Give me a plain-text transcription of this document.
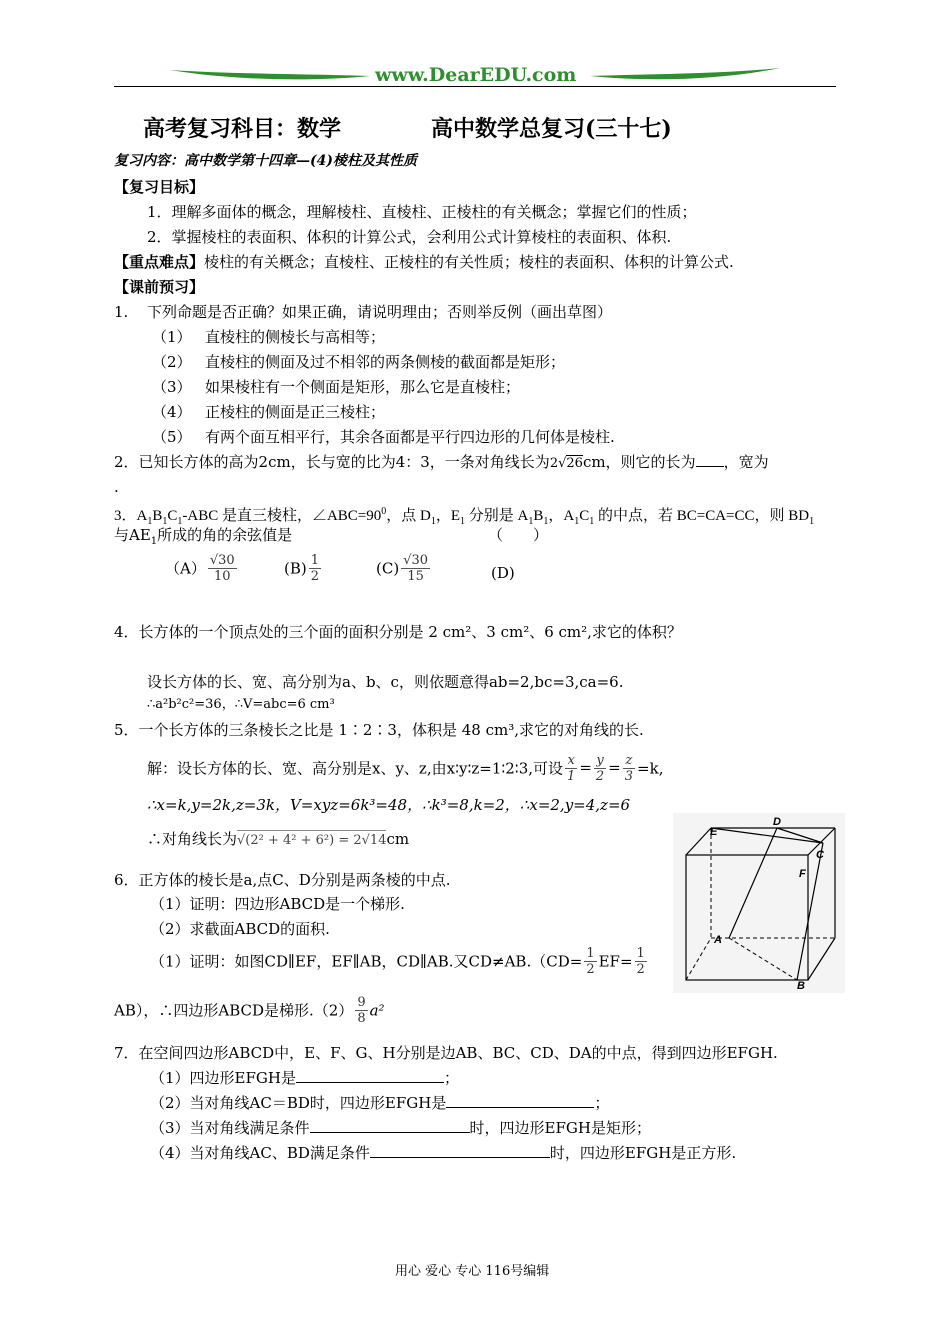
www.DearEDU.com
高考复习科目：数学	高中数学总复习(三十七)
复习内容：高中数学第十四章—(4)棱柱及其性质
【复习目标】
1．理解多面体的概念，理解棱柱、直棱柱、正棱柱的有关概念；掌握它们的性质；
2．掌握棱柱的表面积、体积的计算公式，会利用公式计算棱柱的表面积、体积.
【重点难点】棱柱的有关概念；直棱柱、正棱柱的有关性质；棱柱的表面积、体积的计算公式.
【课前预习】
1. 下列命题是否正确？如果正确，请说明理由；否则举反例（画出草图）
（1） 直棱柱的侧棱长与高相等；
（2） 直棱柱的侧面及过不相邻的两条侧棱的截面都是矩形；
（3） 如果棱柱有一个侧面是矩形，那么它是直棱柱；
（4） 正棱柱的侧面是正三棱柱；
（5） 有两个面互相平行，其余各面都是平行四边形的几何体是棱柱.
2．已知长方体的高为2cm，长与宽的比为4：3，一条对角线长为2√26cm，则它的长为 ，宽为
.
3．$A_1B_1C_1$-ABC 是直三棱柱，$\angle ABC=90^0$，点 $D_1$，$E_1$ 分别是 $A_1B_1$，$A_1C_1$ 的中点，若 BC=CA=CC，则 $BD_1$
与$AE_1$所成的角的余弦值是	（　　）
$(A) \frac{√30}{10}$	$(B) \frac{1}{2}$	$(C) \frac{√30}{15}$	(D)
4．长方体的一个顶点处的三个面的面积分别是 2 cm²、3 cm²、6 cm²,求它的体积？
设长方体的长、宽、高分别为a、b、c，则依题意得ab=2,bc=3,ca=6.
∴a²b²c²=36，∴V=abc=6 cm³
5．一个长方体的三条棱长之比是 1∶2∶3，体积是 48 cm³,求它的对角线的长.
解：设长方体的长、宽、高分别是x、y、z,由x∶y∶z=1∶2∶3,可设 $\frac{x}{1} = \frac{y}{2} = \frac{z}{3} =k$,
∴x=k,y=2k,z=3k，V=xyz=6k³=48，∴k³=8,k=2，∴x=2,y=4,z=6
∴对角线长为√(2² + 4² + 6²) = 2√14cm	E
D
C
F
A
B
6．正方体的棱长是a,点C、D分别是两条棱的中点.
（1）证明：四边形ABCD是一个梯形.
（2）求截面ABCD的面积.
（1）证明：如图CD∥EF，EF∥AB，CD∥AB.又$CD\ne AB.(CD= \frac{1}{2} EF= \frac{1}{2}$
AB），∴四边形ABCD是梯形$.(2) \frac{9}{8} a^2$
7．在空间四边形ABCD中，E、F、G、H分别是边AB、BC、CD、DA的中点，得到四边形EFGH.
（1）四边形EFGH是	；
（2）当对角线AC＝BD时，四边形EFGH是	；
（3）当对角线满足条件	时，四边形EFGH是矩形；
（4）当对角线AC、BD满足条件	时，四边形EFGH是正方形.
用心 爱心 专心 116号编辑
